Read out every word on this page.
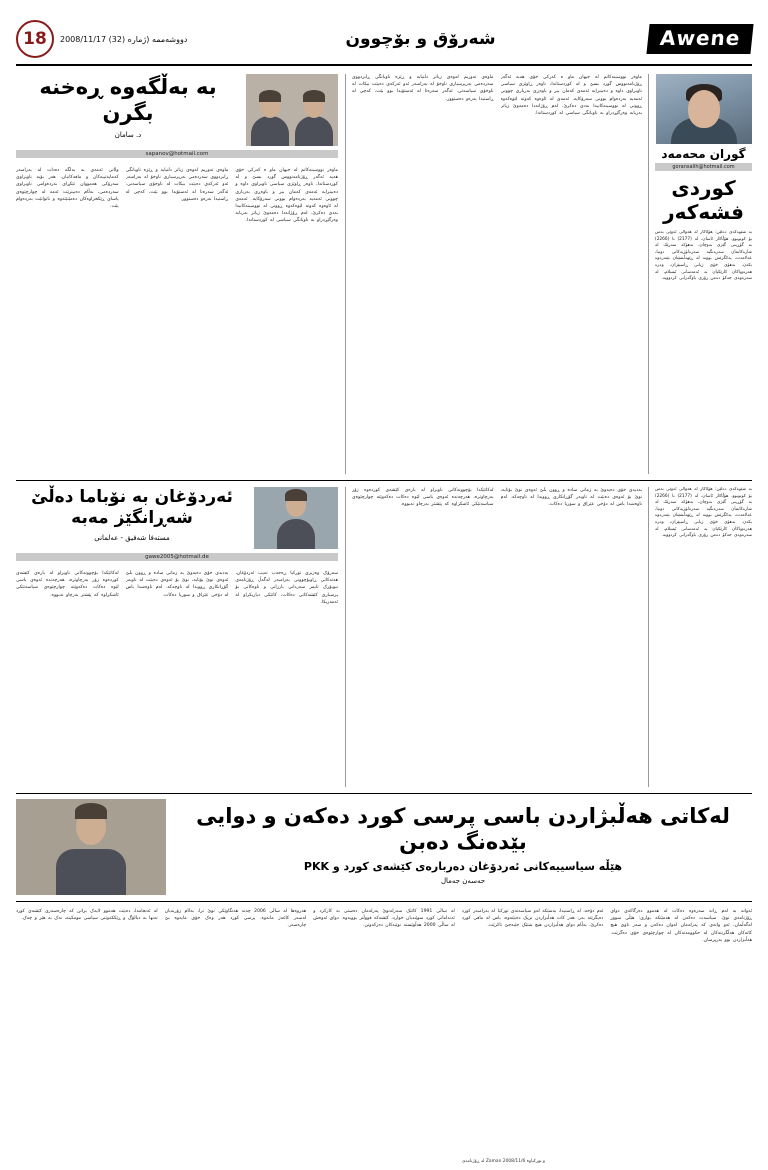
Awene
شەرۆق و بۆچوون
2008/11/17 دووشەممە (ژماره (32)
18
گوران محەمەد
goransalih@hotmail.com
کوردی فشەکەر
بە شێوەکەی دەڵێن: هۆڵاکار لە هەواڵی ئەوێی بەس بۆ کوتوبوو، هۆڵاکار ئاسان، لە (2177) تا (2266) بە گۆڕینی گێژی بەوچان، بەهۆکە سەرێک لە شارەکانمان سەرەنگیە سەرەلۆژیەکانی دونیا، عەلامەت، پەکگرێش بوونە لە ڕێهەڵشێنان بێنەرەوە بکەن. بەهۆی خۆی ژیانی ڕاسپێران، وەرە هەرەوپاکان کارێکیان بە ئەمەسانی ئیسلام، لە سەرەوەی جەکۆ دەمن زۆری باوگەرانی کردوویه.
ماوەر نووسینەکانم لە جیهان ماو ە کەرکی خۆی هەیە ئەگەر ڕۆژنامەنووس گورد بسێ و لە کوردستاندا، ناوەر ڕاوێژی سیاسی ناوبراوی داوە و دەبینرایە ئەمەی کەمان بیر و باوەڕی بەرباری چوونی ئەمەیە بەردەوام بوونی سەرۆکایە. ئەمەی لە ئاوەوە کەوتە لێوەکەوە ڕوونی لە نووسینەکانیدا بەدی دەکرێ. لەم ڕۆژانەدا دەمەوێ زیاتر بەربابە وەرگێڕدراو بە ناوبانگی سیاسی لە کوردستاندا.
ماوەی تەوریم لەوەی زیاتر دڵنیایە و ڕێژە ناوبانگی ڕابردووی سەردەمی بەرپرسیاری ناوخۆ لە بەرامبەر ئەو ئەرکەی دەبێت بیکات لە ناوخۆی سیاسەتی. ئەگەر سەرەتا لە ئەستۆیدا بوو بێت، کەچی لە ڕاستیدا بەرەو دەستوور.
بە بەڵگەوە ڕەخنە بگرن
د. سامان
sapanov@hotmail.com
ماوەر نووسینەکانم لە جیهان ماو ە کەرکی خۆی هەیە ئەگەر ڕۆژنامەنووس گورد بسێ و لە کوردستاندا، ناوەر ڕاوێژی سیاسی ناوبراوی داوە و دەبینرایە ئەمەی کەمان بیر و باوەڕی بەرباری چوونی ئەمەیە بەردەوام بوونی سەرۆکایە. ئەمەی لە ئاوەوە کەوتە لێوەکەوە ڕوونی لە نووسینەکانیدا بەدی دەکرێ. لەم ڕۆژانەدا دەمەوێ زیاتر بەربابە وەرگێڕدراو بە ناوبانگی سیاسی لە کوردستاندا.
ماوەی تەوریم لەوەی زیاتر دڵنیایە و ڕێژە ناوبانگی ڕابردووی سەردەمی بەرپرسیاری ناوخۆ لە بەرامبەر ئەو ئەرکەی دەبێت بیکات لە ناوخۆی سیاسەتی. ئەگەر سەرەتا لە ئەستۆیدا بوو بێت، کەچی لە ڕاستیدا بەرەو دەستوور.
وڵاتی ئەمەی بە بەڵگە دەدات لە بەرامبەر کەمایەتییەکان و مافەکانیان. هەر بۆیە ناوبراوی سەرۆکی هەمووان تێکڕای بەردەوامی ناوبراوی سەردەمی، بەڵام دەبینرێت ئەمە لە چوارچێوەی یاسای ڕێکخراوەکان دەمێنێتەوە و ناتوانێت بەردەوام بێت.
بە شێوەکەی دەڵێن: هۆڵاکار لە هەواڵی ئەوێی بەس بۆ کوتوبوو، هۆڵاکار ئاسان، لە (2177) تا (2266) بە گۆڕینی گێژی بەوچان، بەهۆکە سەرێک لە شارەکانمان سەرەنگیە سەرەلۆژیەکانی دونیا، عەلامەت، پەکگرێش بوونە لە ڕێهەڵشێنان بێنەرەوە بکەن. بەهۆی خۆی ژیانی ڕاسپێران، وەرە هەرەوپاکان کارێکیان بە ئەمەسانی ئیسلام، لە سەرەوەی جەکۆ دەمن زۆری باوگەرانی کردوویه.
بەدیدی خۆی دەیەوێ بە زمانی سادە و ڕوون بڵێ ئەوەی نوێ بۆتایە، نوێ بۆ ئەوەی دەبێت لە ناوبەر گۆڕانکاری ڕووبدا لە ناوچەکە. لەم ناوەشدا باس لە دۆخی عێراق و سوریا دەکات.
لەکاتێکدا بۆچوونەکانی ناوبراو لە بارەی کێشەی کوردەوە زۆر بەرچاوترە، هەرچەندە ئەوەی باسی لێوە دەکات دەکەوێتە چوارچێوەی سیاسەتێکی ئاشکراوە کە پێشتر بەرچاو نەبووە.
ئەردۆغان بە نۆباما دەڵێ شەڕانگێز مەبە
مستەفا شەفیق - عەلمانی
gawe2005@hotmail.de
سەرۆک وەزیری تورکیا ڕەجەب تەیب ئەردۆغان، هەتەکانی ڕاوبۆچوونی بەرامبەر لەگەڵ ڕۆژنامەی نیویۆرک تایمز سەردانی بارزانی و ناوەکانی بۆ پرسیاری کێشەکانی دەکات، کاتێکی دیاریکراو لە ئەمەریکا.
بەدیدی خۆی دەیەوێ بە زمانی سادە و ڕوون بڵێ ئەوەی نوێ بۆتایە، نوێ بۆ ئەوەی دەبێت لە ناوبەر گۆڕانکاری ڕووبدا لە ناوچەکە. لەم ناوەشدا باس لە دۆخی عێراق و سوریا دەکات.
لەکاتێکدا بۆچوونەکانی ناوبراو لە بارەی کێشەی کوردەوە زۆر بەرچاوترە، هەرچەندە ئەوەی باسی لێوە دەکات دەکەوێتە چوارچێوەی سیاسەتێکی ئاشکراوە کە پێشتر بەرچاو نەبووە.
لەکاتی هەڵبژاردن باسی پرسی کورد دەکەن و دوایی بێدەنگ دەبن
هێڵە سیاسییەکانی ئەردۆغان دەربارەی کێشەی کورد و PKK
حەسەن جەمال
ئەوانە بە لەم ڕانە سەرەوە دەکات لە هەموو دەرگاکەی دوای ڕۆژنامەی نوێ. سیاسەت دەکەن لە هەمێتکە بواری: هێڵی سوور لەگەڵمان، ئەو واتەی کە پەرلەمان لەوان دەکەن و سەر ناوی هیچ کاتەکان هەڵگرتنەکان لە حکوومەتەکان لە چوارچێوەی خۆی دەگرێت. هەڵبژاردن بوو بەرپرسان.
ئەم دۆخە، لە ڕاستیدا، بەشێکە لەو سیاسەتەی تورکیا لە بەرامبەر کورد دەیگرێتە بەر. هەر کات هەڵبژاردن نزیک دەبێتەوە، باس لە مافی کورد دەکرێ، بەڵام دوای هەڵبژاردن هیچ شتێک جێبەجێ ناکرێت.
لە ڕۆژنامەی Zaman و تورکیاوە 2008/11/6
لە ساڵی 1991 کاتێک سەرلەنوێ پەرلەمان دەستی بە کارکرد و ئەندامانی کورد سوێندیان خوارد، کێشەکە قووڵتر بوویەوە. دوای ئەوەش لە ساڵی 2000 هەڵوێستە نوێیەکان دەرکەوتن.
هەروەها لە ساڵی 2006 چەند هەنگاوێکی نوێ نرا، بەڵام زۆربەیان لەسەر کاغەز مانەوە. پرسی کورد هەر وەک خۆی مایەوە بێ چارەسەر.
لە ئەنجامدا، دەبێت هەموو لایەک بزانن کە چارەسەری کێشەی کورد تەنها بە دیالۆگ و ڕێککەوتنی سیاسی مومکینە، نەک بە هێز و چەک.
